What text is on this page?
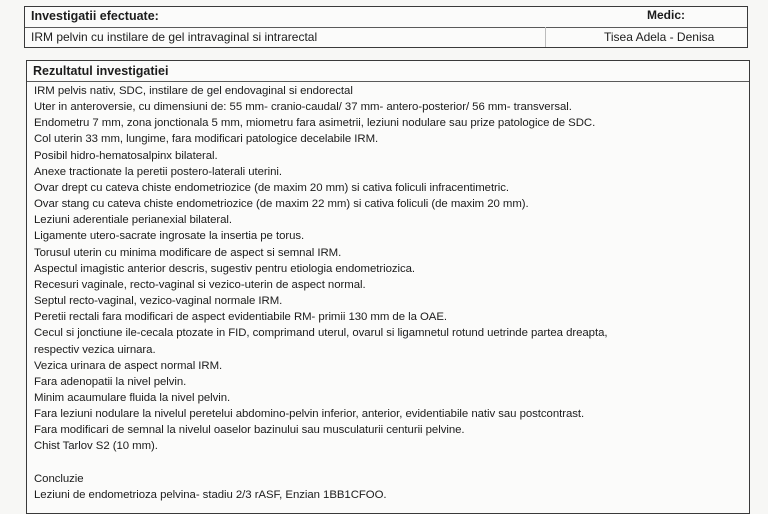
Investigatii efectuate:	Medic:
IRM pelvin cu instilare de gel intravaginal si intrarectal	Tisea Adela - Denisa
Rezultatul investigatiei
IRM pelvis nativ, SDC, instilare de gel endovaginal si endorectal
Uter in anteroversie, cu dimensiuni de: 55 mm- cranio-caudal/ 37 mm- antero-posterior/ 56 mm- transversal.
Endometru 7 mm, zona jonctionala 5 mm, miometru fara asimetrii, leziuni nodulare sau prize patologice de SDC.
Col uterin 33 mm, lungime, fara modificari patologice decelabile IRM.
Posibil hidro-hematosalpinx bilateral.
Anexe tractionate la peretii postero-laterali uterini.
Ovar drept cu cateva chiste endometriozice (de maxim 20 mm) si cativa foliculi infracentimetric.
Ovar stang cu cateva chiste endometriozice (de maxim 22 mm) si cativa foliculi (de maxim 20 mm).
Leziuni aderentiale perianexial bilateral.
Ligamente utero-sacrate ingrosate la insertia pe torus.
Torusul uterin cu minima modificare de aspect si semnal IRM.
Aspectul imagistic anterior descris, sugestiv pentru etiologia endometriozica.
Recesuri vaginale, recto-vaginal si vezico-uterin de aspect normal.
Septul recto-vaginal, vezico-vaginal normale IRM.
Peretii rectali fara modificari de aspect evidentiabile RM- primii 130 mm de la OAE.
Cecul si jonctiune ile-cecala ptozate in FID, comprimand uterul, ovarul si ligamnetul rotund uetrinde partea dreapta,
respectiv vezica uirnara.
Vezica urinara de aspect normal IRM.
Fara adenopatii la nivel pelvin.
Minim acaumulare fluida la nivel pelvin.
Fara leziuni nodulare la nivelul peretelui abdomino-pelvin inferior, anterior, evidentiabile nativ sau postcontrast.
Fara modificari de semnal la nivelul oaselor bazinului sau musculaturii centurii pelvine.
Chist Tarlov S2 (10 mm).
Concluzie
Leziuni de endometrioza pelvina- stadiu 2/3 rASF, Enzian 1BB1CFOO.
